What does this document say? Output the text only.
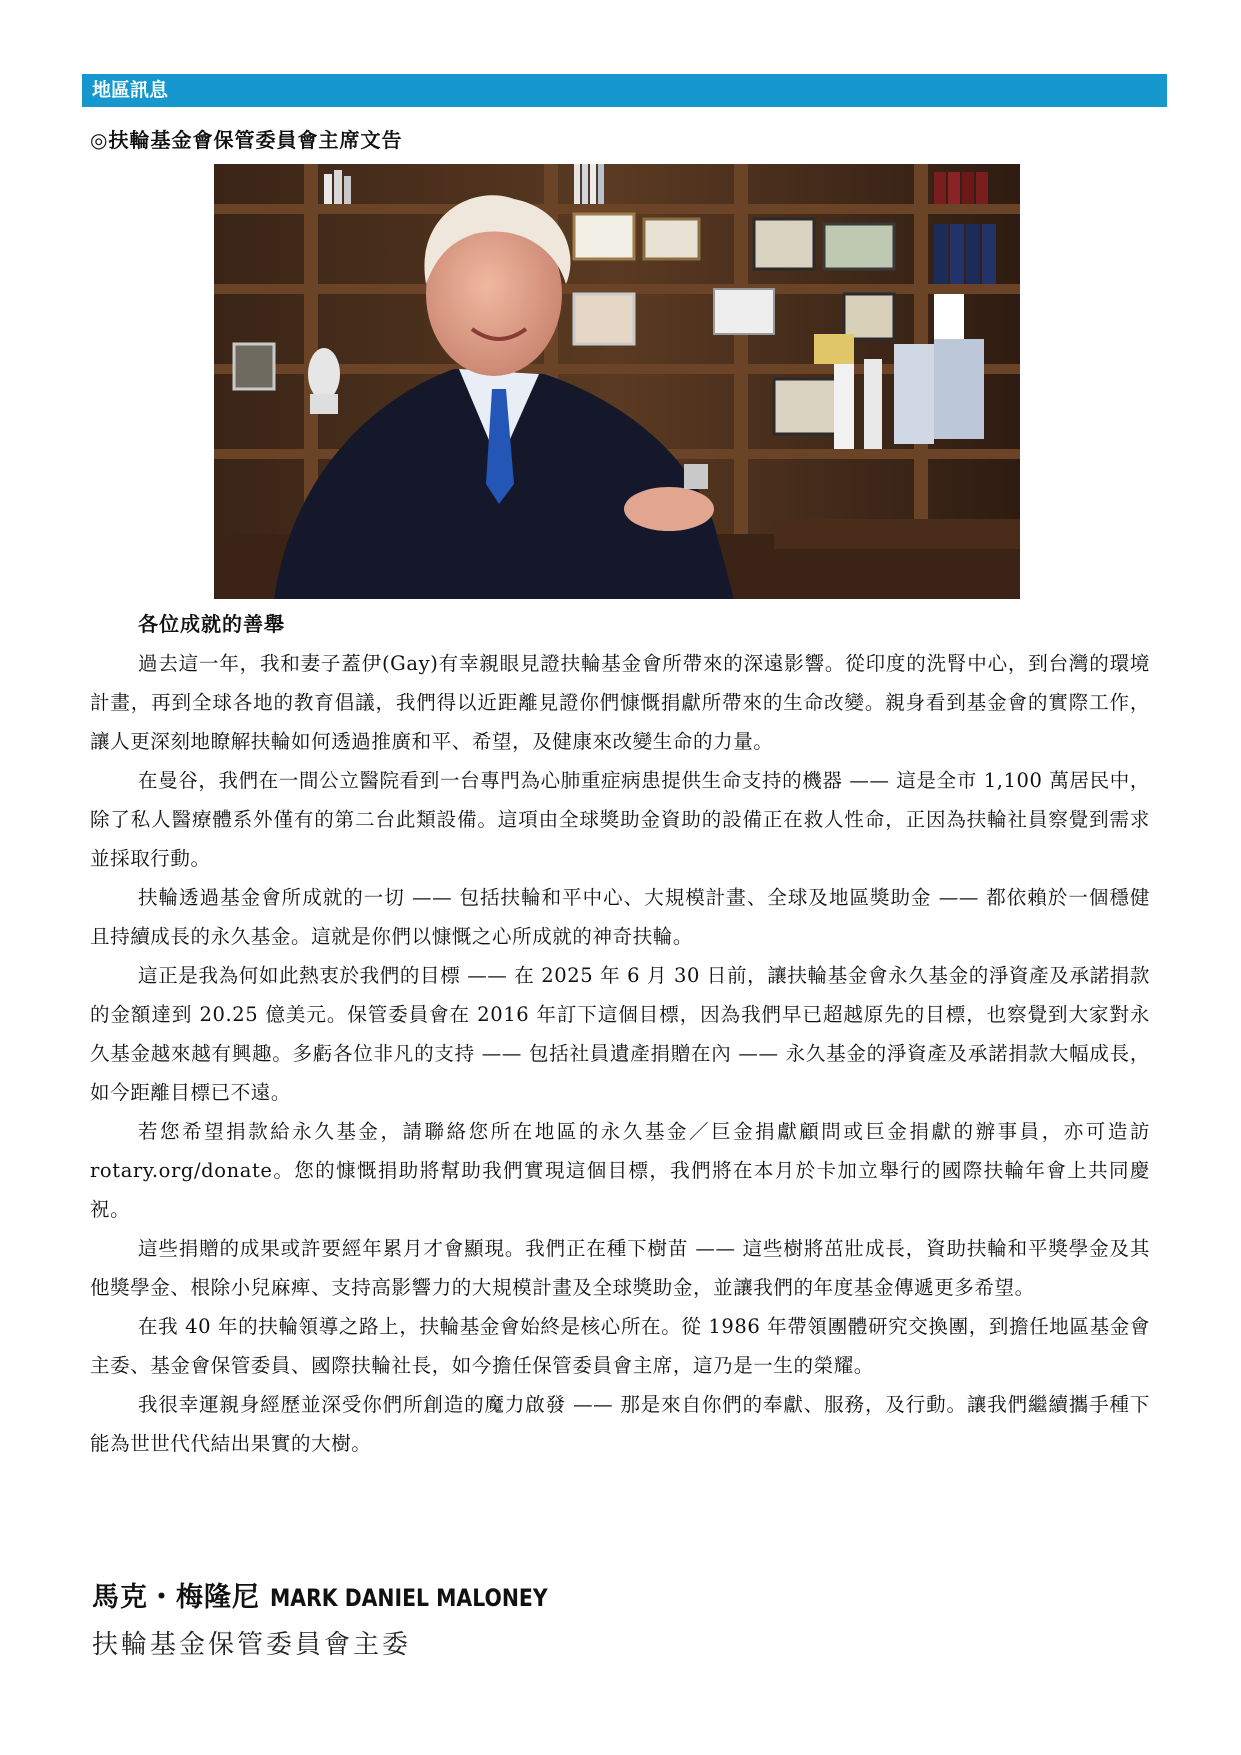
地區訊息
◎扶輪基金會保管委員會主席文告
各位成就的善舉

過去這一年，我和妻子蓋伊(Gay)有幸親眼見證扶輪基金會所帶來的深遠影響。從印度的洗腎中心，到台灣的環境計畫，再到全球各地的教育倡議，我們得以近距離見證你們慷慨捐獻所帶來的生命改變。親身看到基金會的實際工作，讓人更深刻地瞭解扶輪如何透過推廣和平、希望，及健康來改變生命的力量。

在曼谷，我們在一間公立醫院看到一台專門為心肺重症病患提供生命支持的機器 —— 這是全市 1,100 萬居民中，除了私人醫療體系外僅有的第二台此類設備。這項由全球獎助金資助的設備正在救人性命，正因為扶輪社員察覺到需求並採取行動。

扶輪透過基金會所成就的一切 —— 包括扶輪和平中心、大規模計畫、全球及地區獎助金 —— 都依賴於一個穩健且持續成長的永久基金。這就是你們以慷慨之心所成就的神奇扶輪。

這正是我為何如此熱衷於我們的目標 —— 在 2025 年 6 月 30 日前，讓扶輪基金會永久基金的淨資產及承諾捐款的金額達到 20.25 億美元。保管委員會在 2016 年訂下這個目標，因為我們早已超越原先的目標，也察覺到大家對永久基金越來越有興趣。多虧各位非凡的支持 —— 包括社員遺產捐贈在內 —— 永久基金的淨資產及承諾捐款大幅成長，如今距離目標已不遠。

若您希望捐款給永久基金，請聯絡您所在地區的永久基金／巨金捐獻顧問或巨金捐獻的辦事員，亦可造訪 rotary.org/donate。您的慷慨捐助將幫助我們實現這個目標，我們將在本月於卡加立舉行的國際扶輪年會上共同慶祝。

這些捐贈的成果或許要經年累月才會顯現。我們正在種下樹苗 —— 這些樹將茁壯成長，資助扶輪和平獎學金及其他獎學金、根除小兒麻痺、支持高影響力的大規模計畫及全球獎助金，並讓我們的年度基金傳遞更多希望。

在我 40 年的扶輪領導之路上，扶輪基金會始終是核心所在。從 1986 年帶領團體研究交換團，到擔任地區基金會主委、基金會保管委員、國際扶輪社長，如今擔任保管委員會主席，這乃是一生的榮耀。

我很幸運親身經歷並深受你們所創造的魔力啟發 —— 那是來自你們的奉獻、服務，及行動。讓我們繼續攜手種下能為世世代代結出果實的大樹。

馬克・梅隆尼 MARK DANIEL MALONEY
扶輪基金保管委員會主委
